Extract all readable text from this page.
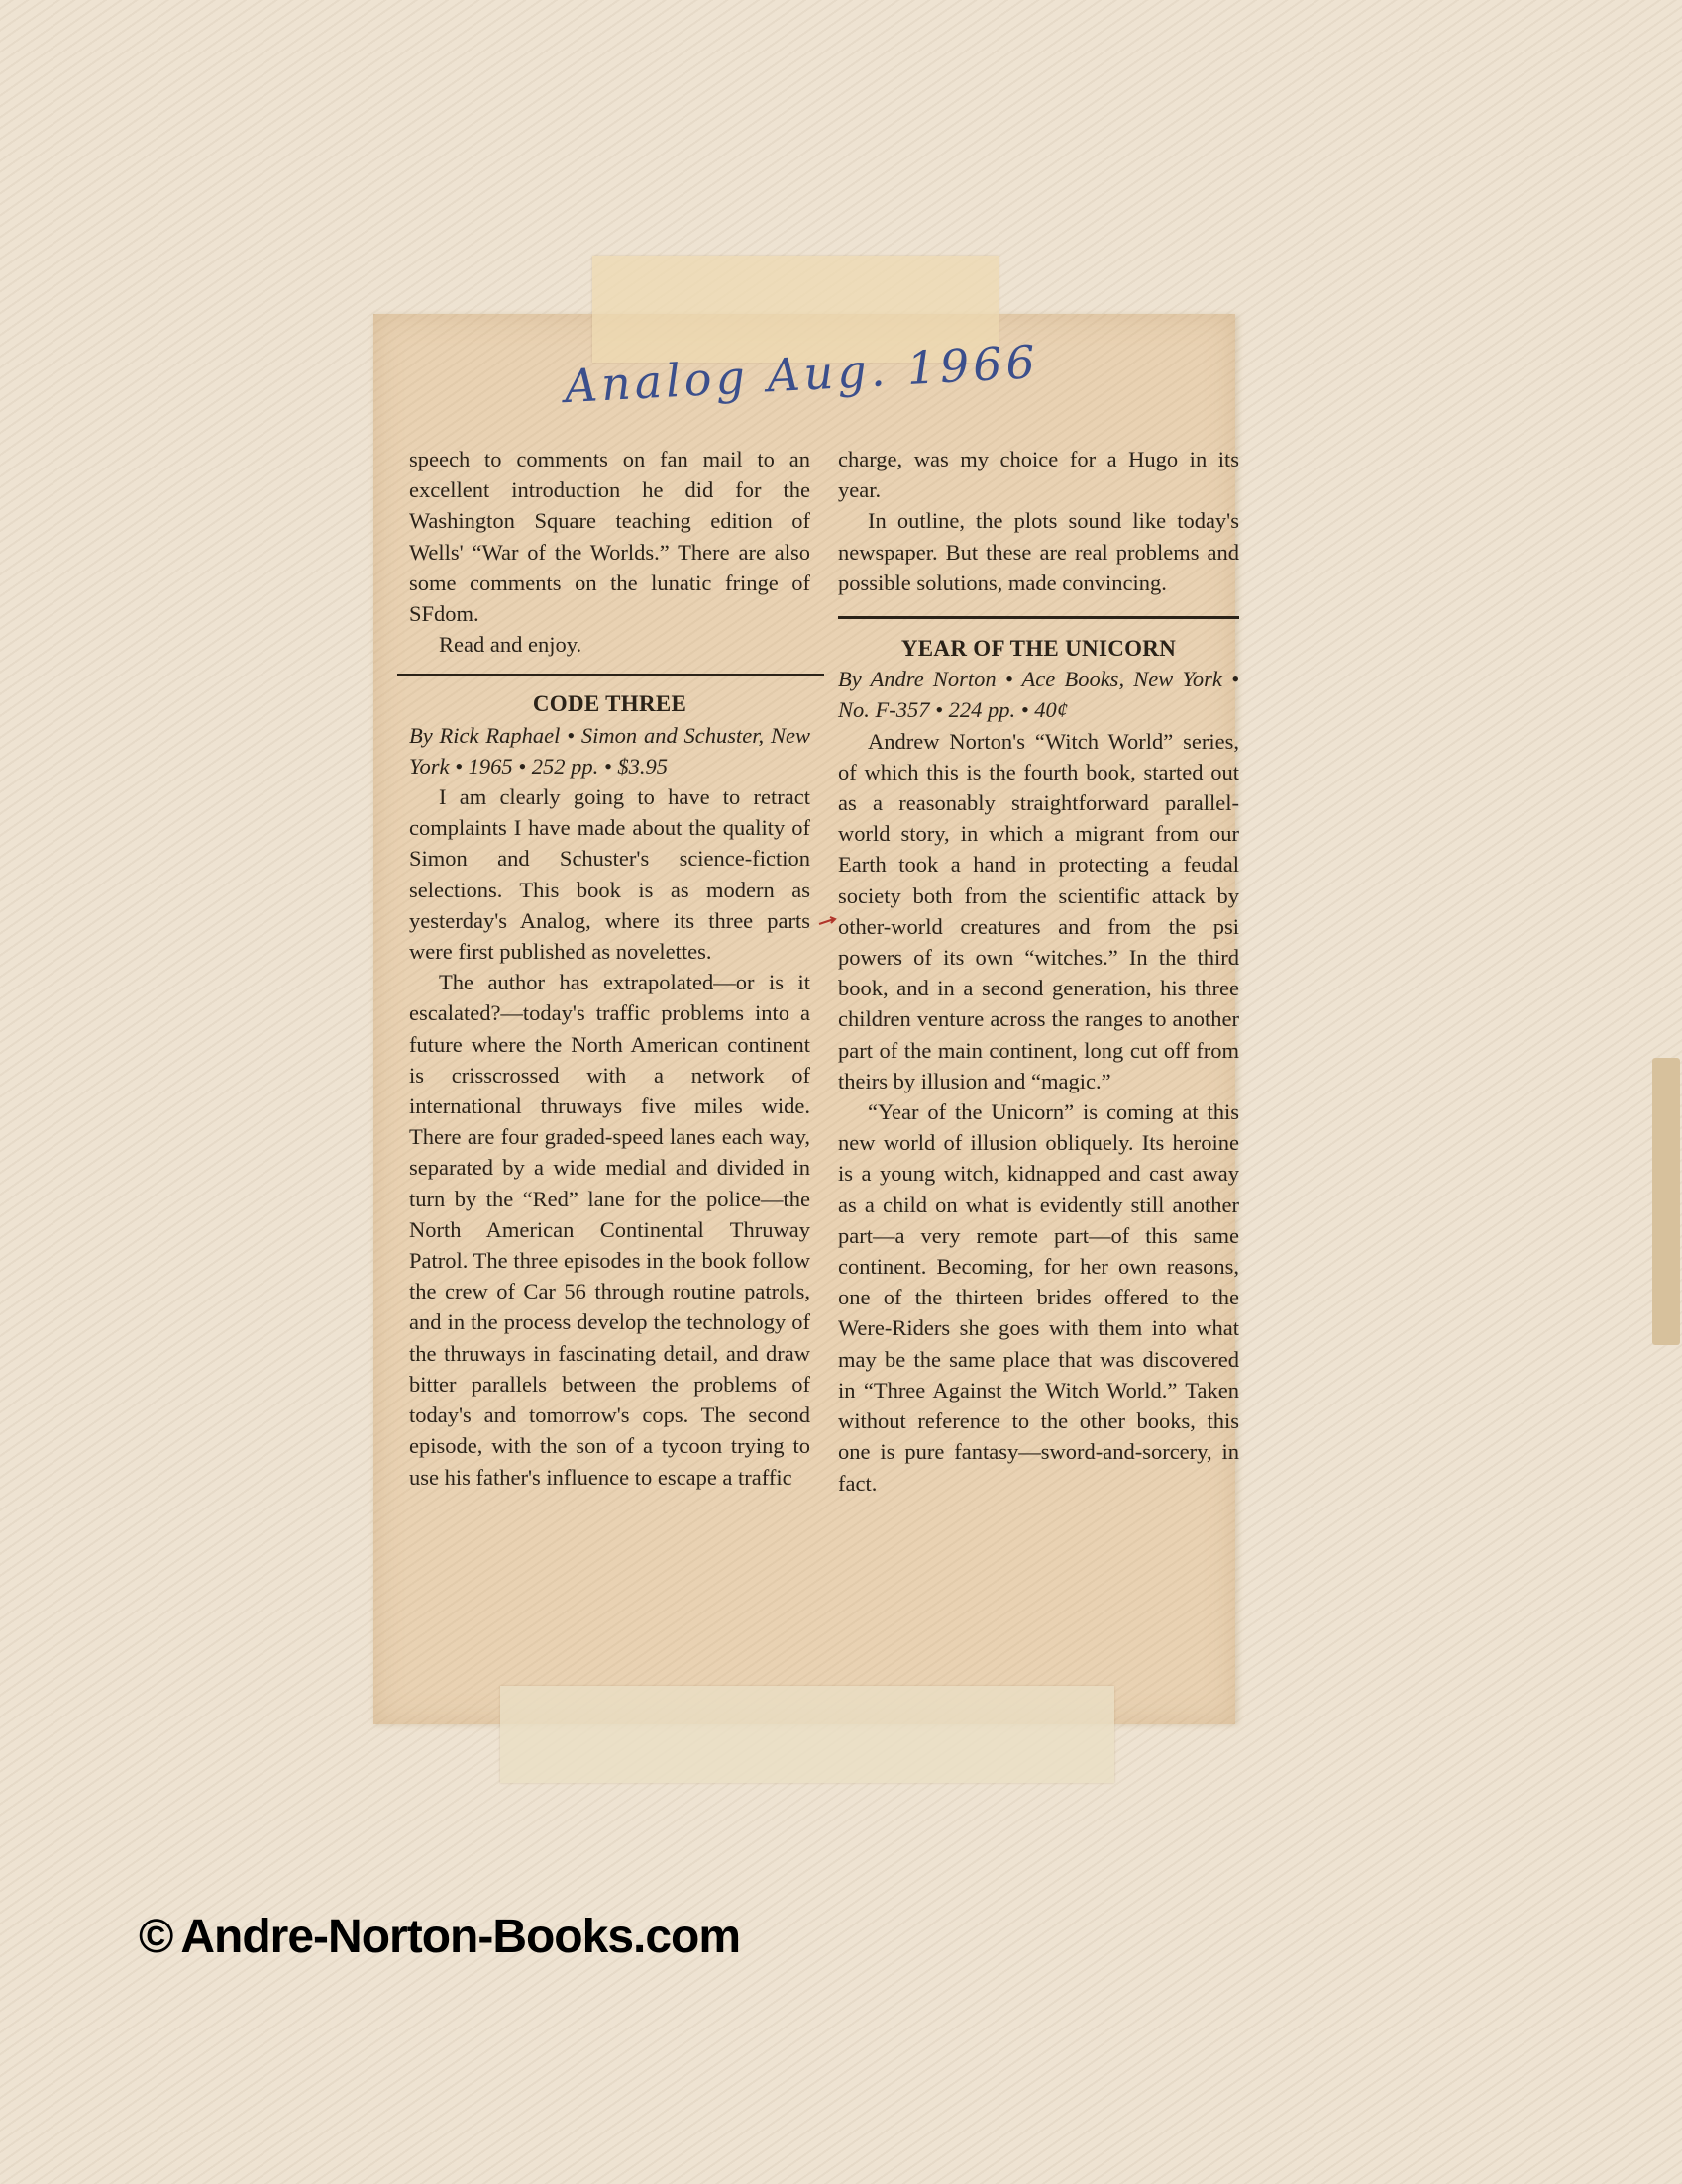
Analog Aug. 1966

speech to comments on fan mail to an excellent introduction he did for the Washington Square teaching edition of Wells' “War of the Worlds.” There are also some comments on the lunatic fringe of SFdom.

Read and enjoy.

CODE THREE

By Rick Raphael • Simon and Schuster, New York • 1965 • 252 pp. • $3.95

I am clearly going to have to retract complaints I have made about the quality of Simon and Schuster's science-fiction selections. This book is as modern as yesterday's Analog, where its three parts were first published as novelettes.

The author has extrapolated—or is it escalated?—today's traffic problems into a future where the North American continent is crisscrossed with a network of international thruways five miles wide. There are four graded-speed lanes each way, separated by a wide medial and divided in turn by the “Red” lane for the police—the North American Continental Thruway Patrol. The three episodes in the book follow the crew of Car 56 through routine patrols, and in the process develop the technology of the thruways in fascinating detail, and draw bitter parallels between the problems of today's and tomorrow's cops. The second episode, with the son of a tycoon trying to use his father's influence to escape a traffic

charge, was my choice for a Hugo in its year.

In outline, the plots sound like today's newspaper. But these are real problems and possible solutions, made convincing.

YEAR OF THE UNICORN

By Andre Norton • Ace Books, New York • No. F-357 • 224 pp. • 40¢

Andrew Norton's “Witch World” series, of which this is the fourth book, started out as a reasonably straightforward parallel-world story, in which a migrant from our Earth took a hand in protecting a feudal society both from the scientific attack by other-world creatures and from the psi powers of its own “witches.” In the third book, and in a second generation, his three children venture across the ranges to another part of the main continent, long cut off from theirs by illusion and “magic.”

“Year of the Unicorn” is coming at this new world of illusion obliquely. Its heroine is a young witch, kidnapped and cast away as a child on what is evidently still another part—a very remote part—of this same continent. Becoming, for her own reasons, one of the thirteen brides offered to the Were-Riders she goes with them into what may be the same place that was discovered in “Three Against the Witch World.” Taken without reference to the other books, this one is pure fantasy—sword-and-sorcery, in fact.

© Andre-Norton-Books.com
